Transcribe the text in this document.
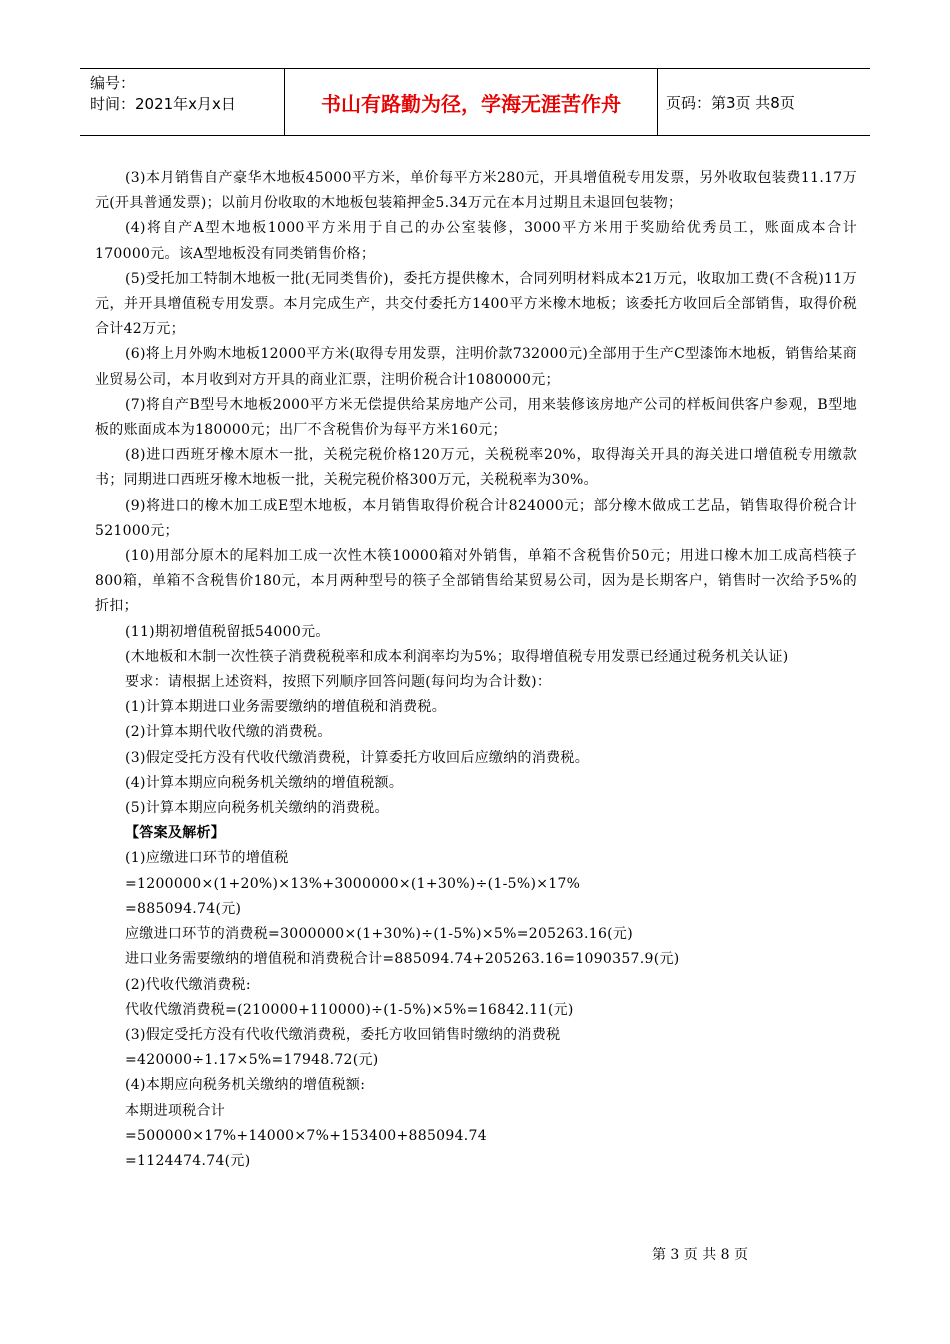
编号：
时间：2021年x月x日	书山有路勤为径，学海无涯苦作舟	页码：第3页 共8页

(3)本月销售自产豪华木地板45000平方米，单价每平方米280元，开具增值税专用发票，另外收取包装费11.17万元(开具普通发票)；以前月份收取的木地板包装箱押金5.34万元在本月过期且未退回包装物；

(4)将自产A型木地板1000平方米用于自己的办公室装修，3000平方米用于奖励给优秀员工，账面成本合计170000元。该A型地板没有同类销售价格；

(5)受托加工特制木地板一批(无同类售价)，委托方提供橡木，合同列明材料成本21万元，收取加工费(不含税)11万元，并开具增值税专用发票。本月完成生产，共交付委托方1400平方米橡木地板；该委托方收回后全部销售，取得价税合计42万元；

(6)将上月外购木地板12000平方米(取得专用发票，注明价款732000元)全部用于生产C型漆饰木地板，销售给某商业贸易公司，本月收到对方开具的商业汇票，注明价税合计1080000元；

(7)将自产B型号木地板2000平方米无偿提供给某房地产公司，用来装修该房地产公司的样板间供客户参观，B型地板的账面成本为180000元；出厂不含税售价为每平方米160元；

(8)进口西班牙橡木原木一批，关税完税价格120万元，关税税率20%，取得海关开具的海关进口增值税专用缴款书；同期进口西班牙橡木地板一批，关税完税价格300万元，关税税率为30%。

(9)将进口的橡木加工成E型木地板，本月销售取得价税合计824000元；部分橡木做成工艺品，销售取得价税合计521000元；

(10)用部分原木的尾料加工成一次性木筷10000箱对外销售，单箱不含税售价50元；用进口橡木加工成高档筷子800箱，单箱不含税售价180元，本月两种型号的筷子全部销售给某贸易公司，因为是长期客户，销售时一次给予5%的折扣；

(11)期初增值税留抵54000元。

(木地板和木制一次性筷子消费税税率和成本利润率均为5%；取得增值税专用发票已经通过税务机关认证)

要求：请根据上述资料，按照下列顺序回答问题(每问均为合计数)：

(1)计算本期进口业务需要缴纳的增值税和消费税。

(2)计算本期代收代缴的消费税。

(3)假定受托方没有代收代缴消费税，计算委托方收回后应缴纳的消费税。

(4)计算本期应向税务机关缴纳的增值税额。

(5)计算本期应向税务机关缴纳的消费税。

【答案及解析】

(1)应缴进口环节的增值税

=1200000×(1+20%)×13%+3000000×(1+30%)÷(1-5%)×17%

=885094.74(元)

应缴进口环节的消费税=3000000×(1+30%)÷(1-5%)×5%=205263.16(元)

进口业务需要缴纳的增值税和消费税合计=885094.74+205263.16=1090357.9(元)

(2)代收代缴消费税:

代收代缴消费税=(210000+110000)÷(1-5%)×5%=16842.11(元)

(3)假定受托方没有代收代缴消费税，委托方收回销售时缴纳的消费税

=420000÷1.17×5%=17948.72(元)

(4)本期应向税务机关缴纳的增值税额:

本期进项税合计

=500000×17%+14000×7%+153400+885094.74

=1124474.74(元)

第 3 页 共 8 页
